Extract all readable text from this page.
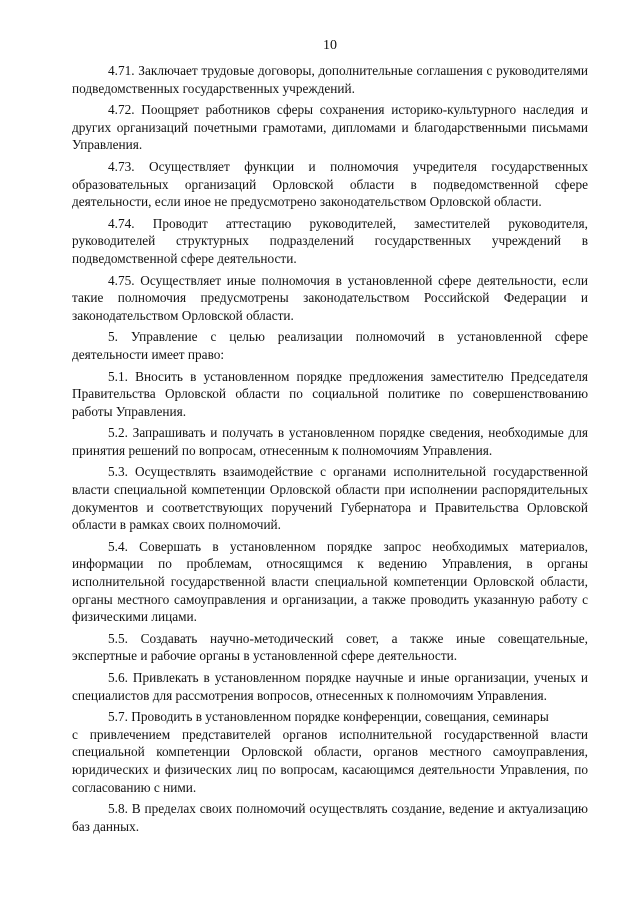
10

4.71. Заключает трудовые договоры, дополнительные соглашения с руководителями подведомственных государственных учреждений.

4.72. Поощряет работников сферы сохранения историко-культурного наследия и других организаций почетными грамотами, дипломами и благодарственными письмами Управления.

4.73. Осуществляет функции и полномочия учредителя государственных образовательных организаций Орловской области в подведомственной сфере деятельности, если иное не предусмотрено законодательством Орловской области.

4.74. Проводит аттестацию руководителей, заместителей руководителя, руководителей структурных подразделений государственных учреждений в подведомственной сфере деятельности.

4.75. Осуществляет иные полномочия в установленной сфере деятельности, если такие полномочия предусмотрены законодательством Российской Федерации и законодательством Орловской области.

5. Управление с целью реализации полномочий в установленной сфере деятельности имеет право:

5.1. Вносить в установленном порядке предложения заместителю Председателя Правительства Орловской области по социальной политике по совершенствованию работы Управления.

5.2. Запрашивать и получать в установленном порядке сведения, необходимые для принятия решений по вопросам, отнесенным к полномочиям Управления.

5.3. Осуществлять взаимодействие с органами исполнительной государственной власти специальной компетенции Орловской области при исполнении распорядительных документов и соответствующих поручений Губернатора и Правительства Орловской области в рамках своих полномочий.

5.4. Совершать в установленном порядке запрос необходимых материалов, информации по проблемам, относящимся к ведению Управления, в органы исполнительной государственной власти специальной компетенции Орловской области, органы местного самоуправления и организации, а также проводить указанную работу с физическими лицами.

5.5. Создавать научно-методический совет, а также иные совещательные, экспертные и рабочие органы в установленной сфере деятельности.

5.6. Привлекать в установленном порядке научные и иные организации, ученых и специалистов для рассмотрения вопросов, отнесенных к полномочиям Управления.

5.7. Проводить в установленном порядке конференции, совещания, семинары

с привлечением представителей органов исполнительной государственной власти специальной компетенции Орловской области, органов местного самоуправления, юридических и физических лиц по вопросам, касающимся деятельности Управления, по согласованию с ними.

5.8. В пределах своих полномочий осуществлять создание, ведение и актуализацию баз данных.
